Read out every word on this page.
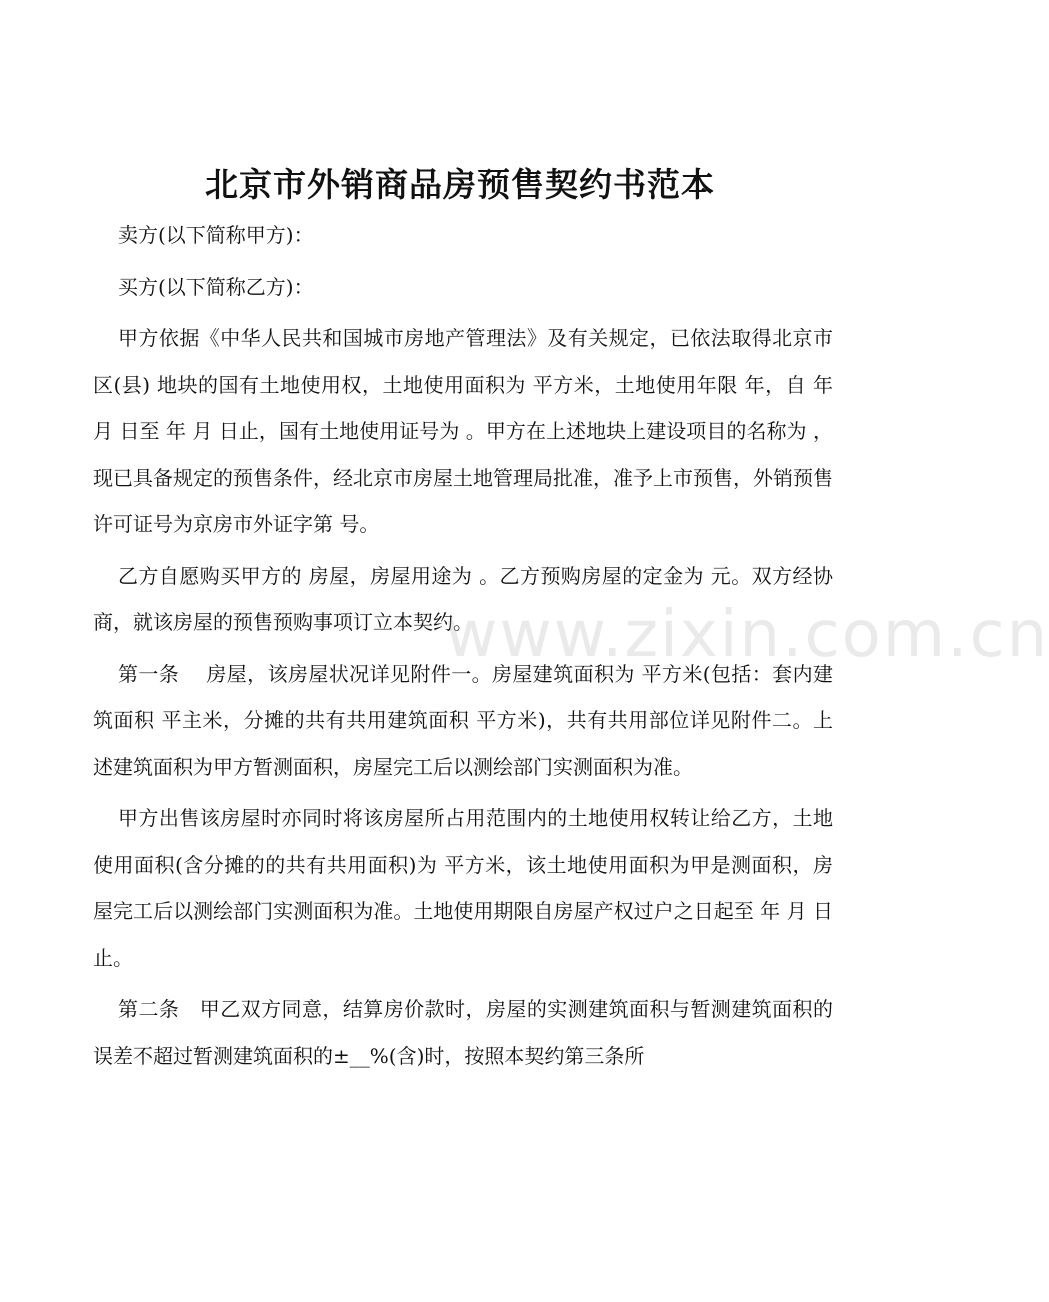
北京市外销商品房预售契约书范本

卖方(以下简称甲方)：

买方(以下简称乙方)：

甲方依据《中华人民共和国城市房地产管理法》及有关规定，已依法取得北京市 区(县) 地块的国有土地使用权，土地使用面积为 平方米，土地使用年限 年，自 年 月 日至 年 月 日止，国有土地使用证号为 。甲方在上述地块上建设项目的名称为 ，现已具备规定的预售条件，经北京市房屋土地管理局批准，准予上市预售，外销预售许可证号为京房市外证字第 号。

乙方自愿购买甲方的 房屋，房屋用途为 。乙方预购房屋的定金为 元。双方经协商，就该房屋的预售预购事项订立本契约。

第一条　 房屋，该房屋状况详见附件一。房屋建筑面积为 平方米(包括：套内建筑面积 平主米，分摊的共有共用建筑面积 平方米)，共有共用部位详见附件二。上述建筑面积为甲方暂测面积，房屋完工后以测绘部门实测面积为准。

甲方出售该房屋时亦同时将该房屋所占用范围内的土地使用权转让给乙方，土地使用面积(含分摊的的共有共用面积)为 平方米，该土地使用面积为甲是测面积，房屋完工后以测绘部门实测面积为准。土地使用期限自房屋产权过户之日起至 年 月 日止。

第二条　甲乙双方同意，结算房价款时，房屋的实测建筑面积与暂测建筑面积的误差不超过暂测建筑面积的±__%(含)时，按照本契约第三条所

www.zixin.com.cn
